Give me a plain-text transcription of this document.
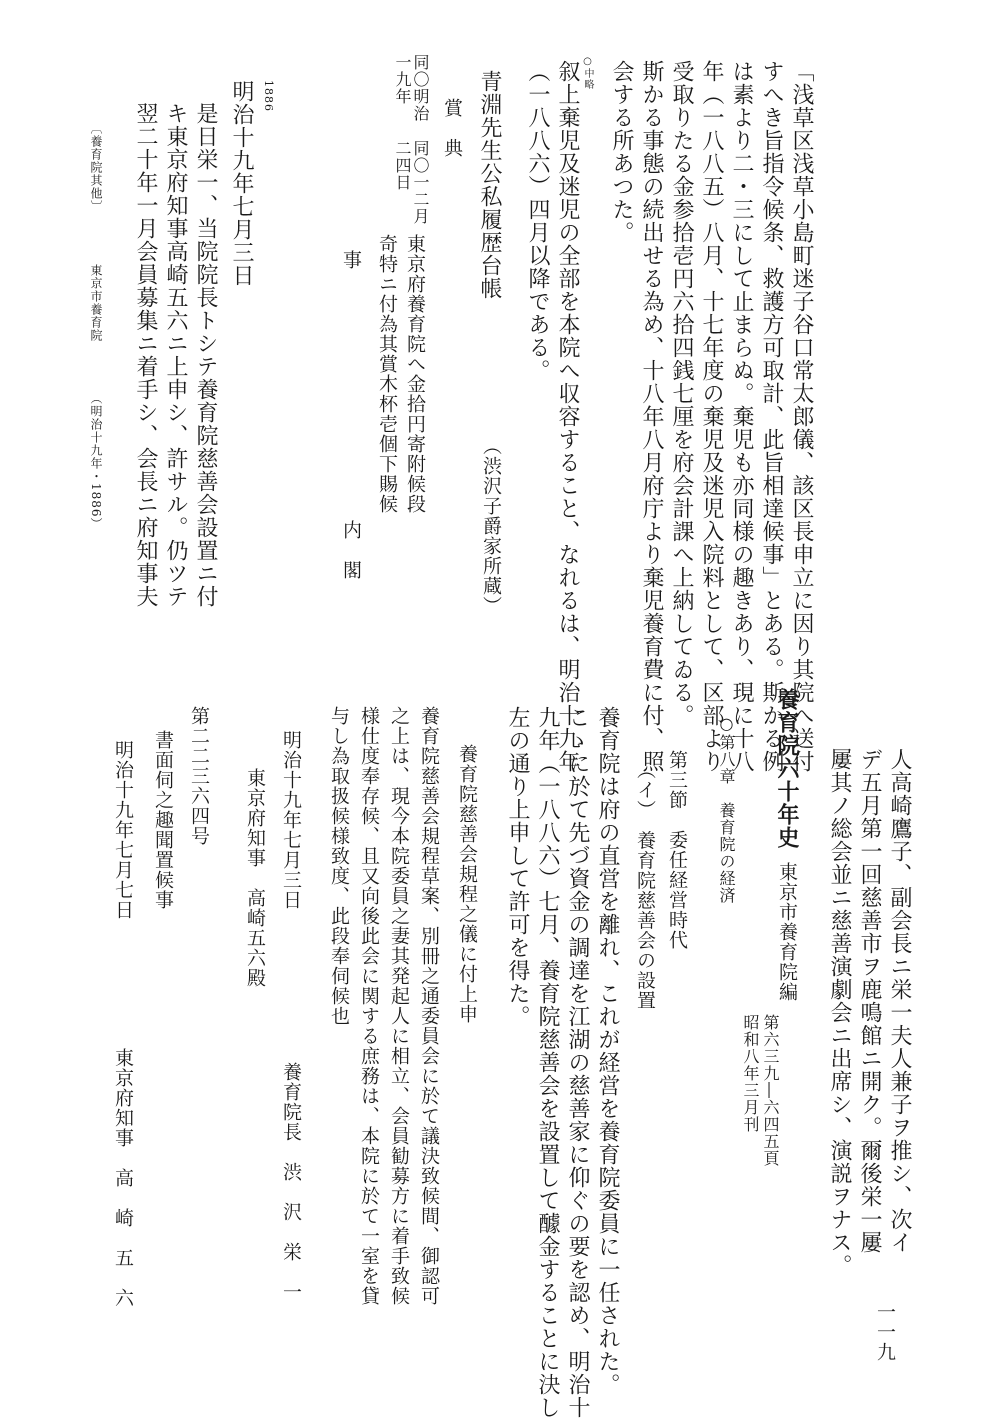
「浅草区浅草小島町迷子谷口常太郎儀、該区長申立に因り其院へ送付
すへき旨指令候条、救護方可取計、此旨相達候事」とある。斯かる例
は素より二・三にして止まらぬ。棄児も亦同様の趣きあり、現に十八
年（一八八五）八月、十七年度の棄児及迷児入院料として、区部より
受取りたる金参拾壱円六拾四銭七厘を府会計課へ上納してゐる。
斯かる事態の続出せる為め、十八年八月府庁より棄児養育費に付、照
会する所あつた。
○中略
叙上棄児及迷児の全部を本院へ収容すること、なれるは、明治十九年
（一八八六）四月以降である。
青淵先生公私履歴台帳
（渋沢子爵家所蔵）
賞　典
同〇明治
一九年
同〇一二月
二四日
東京府養育院へ金拾円寄附候段
奇特ニ付為其賞木杯壱個下賜候
事
内　閣
1886
明治十九年七月三日
是日栄一、当院院長トシテ養育院慈善会設置ニ付
キ東京府知事高崎五六ニ上申シ、許サル。仍ツテ
翌二十年一月会員募集ニ着手シ、会長ニ府知事夫
〔養育院其他〕
東京市養育院
（明治十九年・1886）
人高崎鷹子、副会長ニ栄一夫人兼子ヲ推シ、次イ
デ五月第一回慈善市ヲ鹿鳴館ニ開ク。爾後栄一屢
屢其ノ総会並ニ慈善演劇会ニ出席シ、演説ヲナス。
養育院六十年史
東京市養育院編
第六三九―六四五頁
昭和八年三月刊
○第八章　養育院の経済
第三節　委任経営時代
（イ）　養育院慈善会の設置
養育院は府の直営を離れ、これが経営を養育院委員に一任された。
こゝに於て先づ資金の調達を江湖の慈善家に仰ぐの要を認め、明治十
九年（一八八六）七月、養育院慈善会を設置して醵金することに決し
左の通り上申して許可を得た。
養育院慈善会規程之儀に付上申
養育院慈善会規程草案、別冊之通委員会に於て議決致候間、御認可
之上は、現今本院委員之妻其発起人に相立、会員勧募方に着手致候
様仕度奉存候、且又向後此会に関する庶務は、本院に於て一室を貸
与し為取扱候様致度、此段奉伺候也
明治十九年七月三日
養育院長　渋　沢　栄　一
東京府知事　高崎五六殿
第二二三六四号
書面伺之趣聞置候事
明治十九年七月七日
東京府知事　高　崎　五　六
一一九
